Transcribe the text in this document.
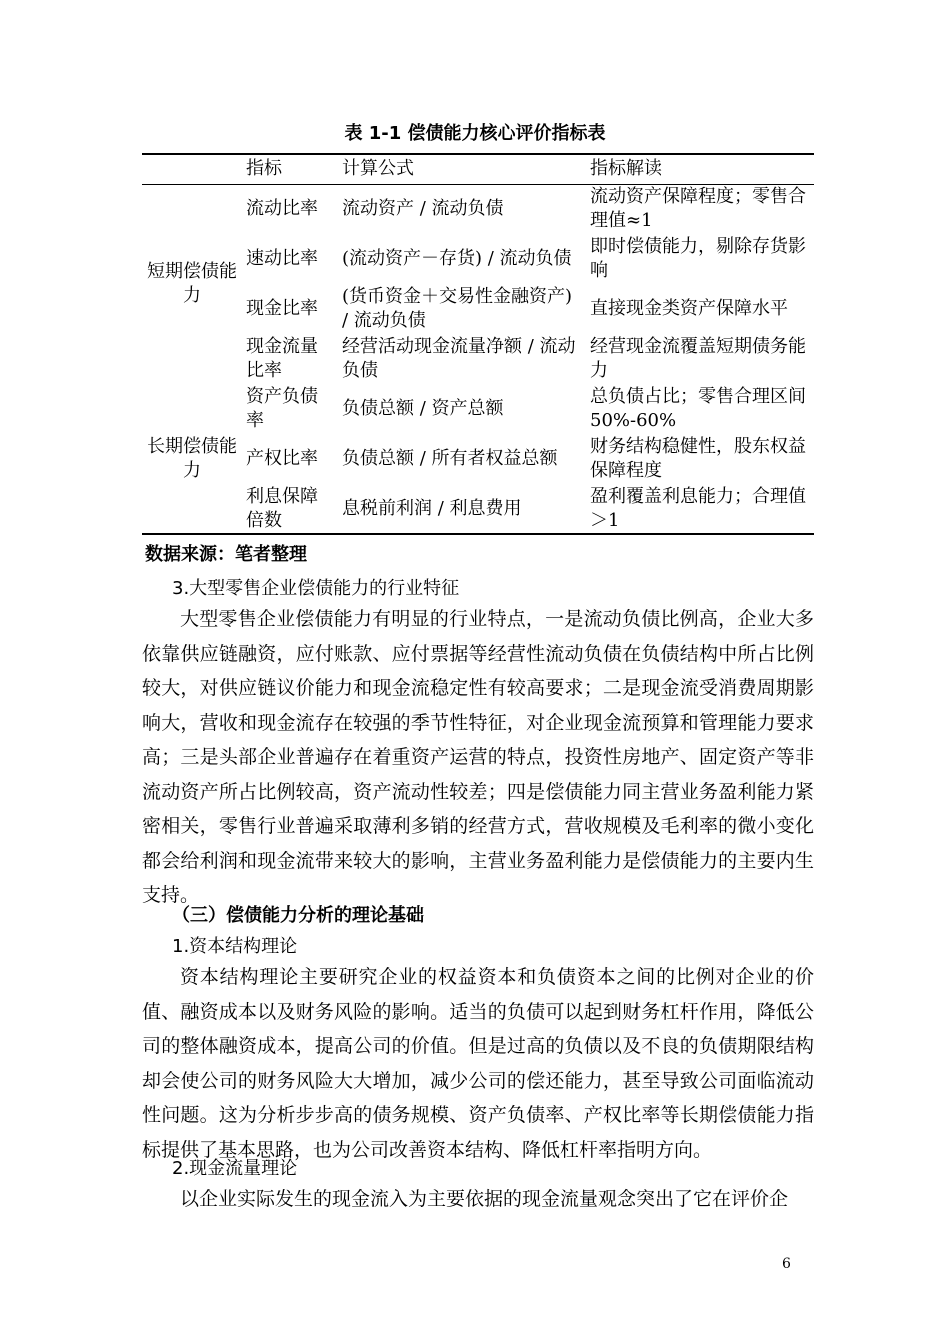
表 1-1 偿债能力核心评价指标表
	指标	计算公式	指标解读
短期偿债能力	流动比率	流动资产 / 流动负债	流动资产保障程度；零售合理值≈1
	速动比率	(流动资产－存货) / 流动负债	即时偿债能力，剔除存货影响
	现金比率	(货币资金＋交易性金融资产) / 流动负债	直接现金类资产保障水平
	现金流量比率	经营活动现金流量净额 / 流动负债	经营现金流覆盖短期债务能力
长期偿债能力	资产负债率	负债总额 / 资产总额	总负债占比；零售合理区间 50%-60%
	产权比率	负债总额 / 所有者权益总额	财务结构稳健性，股东权益保障程度
	利息保障倍数	息税前利润 / 利息费用	盈利覆盖利息能力；合理值＞1
数据来源：笔者整理
3.大型零售企业偿债能力的行业特征

大型零售企业偿债能力有明显的行业特点，一是流动负债比例高，企业大多依靠供应链融资，应付账款、应付票据等经营性流动负债在负债结构中所占比例较大，对供应链议价能力和现金流稳定性有较高要求；二是现金流受消费周期影响大，营收和现金流存在较强的季节性特征，对企业现金流预算和管理能力要求高；三是头部企业普遍存在着重资产运营的特点，投资性房地产、固定资产等非流动资产所占比例较高，资产流动性较差；四是偿债能力同主营业务盈利能力紧密相关，零售行业普遍采取薄利多销的经营方式，营收规模及毛利率的微小变化都会给利润和现金流带来较大的影响，主营业务盈利能力是偿债能力的主要内生支持。

（三）偿债能力分析的理论基础
1.资本结构理论

资本结构理论主要研究企业的权益资本和负债资本之间的比例对企业的价值、融资成本以及财务风险的影响。适当的负债可以起到财务杠杆作用，降低公司的整体融资成本，提高公司的价值。但是过高的负债以及不良的负债期限结构却会使公司的财务风险大大增加，减少公司的偿还能力，甚至导致公司面临流动性问题。这为分析步步高的债务规模、资产负债率、产权比率等长期偿债能力指标提供了基本思路，也为公司改善资本结构、降低杠杆率指明方向。

2.现金流量理论

以企业实际发生的现金流入为主要依据的现金流量观念突出了它在评价企

6
